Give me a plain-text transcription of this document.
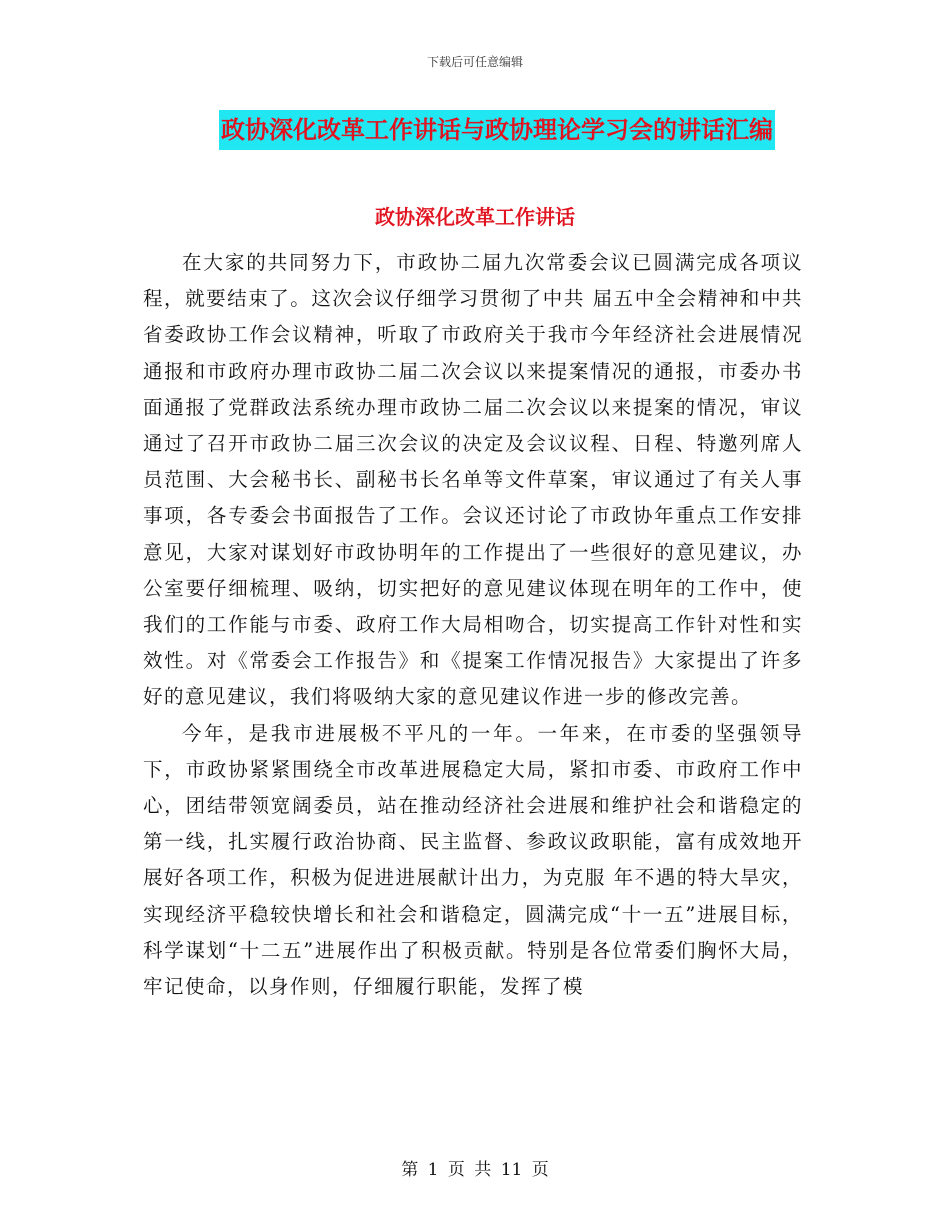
下载后可任意编辑
政协深化改革工作讲话与政协理论学习会的讲话汇编
政协深化改革工作讲话

在大家的共同努力下，市政协二届九次常委会议已圆满完成各项议程，就要结束了。这次会议仔细学习贯彻了中共 届五中全会精神和中共 省委政协工作会议精神，听取了市政府关于我市今年经济社会进展情况通报和市政府办理市政协二届二次会议以来提案情况的通报，市委办书面通报了党群政法系统办理市政协二届二次会议以来提案的情况，审议通过了召开市政协二届三次会议的决定及会议议程、日程、特邀列席人员范围、大会秘书长、副秘书长名单等文件草案，审议通过了有关人事事项，各专委会书面报告了工作。会议还讨论了市政协年重点工作安排意见，大家对谋划好市政协明年的工作提出了一些很好的意见建议，办公室要仔细梳理、吸纳，切实把好的意见建议体现在明年的工作中，使我们的工作能与市委、政府工作大局相吻合，切实提高工作针对性和实效性。对《常委会工作报告》和《提案工作情况报告》大家提出了许多好的意见建议，我们将吸纳大家的意见建议作进一步的修改完善。

今年，是我市进展极不平凡的一年。一年来，在市委的坚强领导下，市政协紧紧围绕全市改革进展稳定大局，紧扣市委、市政府工作中心，团结带领宽阔委员，站在推动经济社会进展和维护社会和谐稳定的第一线，扎实履行政治协商、民主监督、参政议政职能，富有成效地开展好各项工作，积极为促进进展献计出力，为克服 年不遇的特大旱灾，实现经济平稳较快增长和社会和谐稳定，圆满完成“十一五”进展目标，科学谋划“十二五”进展作出了积极贡献。特别是各位常委们胸怀大局，牢记使命，以身作则，仔细履行职能，发挥了模

第 1 页 共 11 页
